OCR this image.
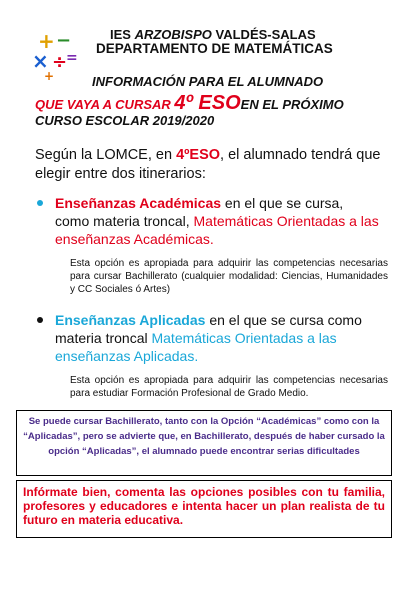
+ −
× ÷
=
+
IES ARZOBISPO VALDÉS-SALAS
DEPARTAMENTO DE MATEMÁTICAS
INFORMACIÓN PARA EL ALUMNADO
QUE VAYA A CURSAR 4º ESOEN EL PRÓXIMO
CURSO ESCOLAR 2019/2020
Según la LOMCE, en 4ºESO, el alumnado tendrá que elegir entre dos itinerarios:
Enseñanzas Académicas en el que se cursa, como materia troncal, Matemáticas Orientadas a las enseñanzas Académicas.
Esta opción es apropiada para adquirir las competencias necesarias para cursar Bachillerato (cualquier modalidad: Ciencias, Humanidades y CC Sociales ó Artes)
Enseñanzas Aplicadas en el que se cursa como materia troncal Matemáticas Orientadas a las enseñanzas Aplicadas.
Esta opción es apropiada para adquirir las competencias necesarias para estudiar Formación Profesional de Grado Medio.
Se puede cursar Bachillerato, tanto con la Opción “Académicas” como con la “Aplicadas”, pero se advierte que, en Bachillerato, después de haber cursado la opción “Aplicadas”, el alumnado puede encontrar serias dificultades
Infórmate bien, comenta las opciones posibles con tu familia, profesores y educadores e intenta hacer un plan realista de tu futuro en materia educativa.
